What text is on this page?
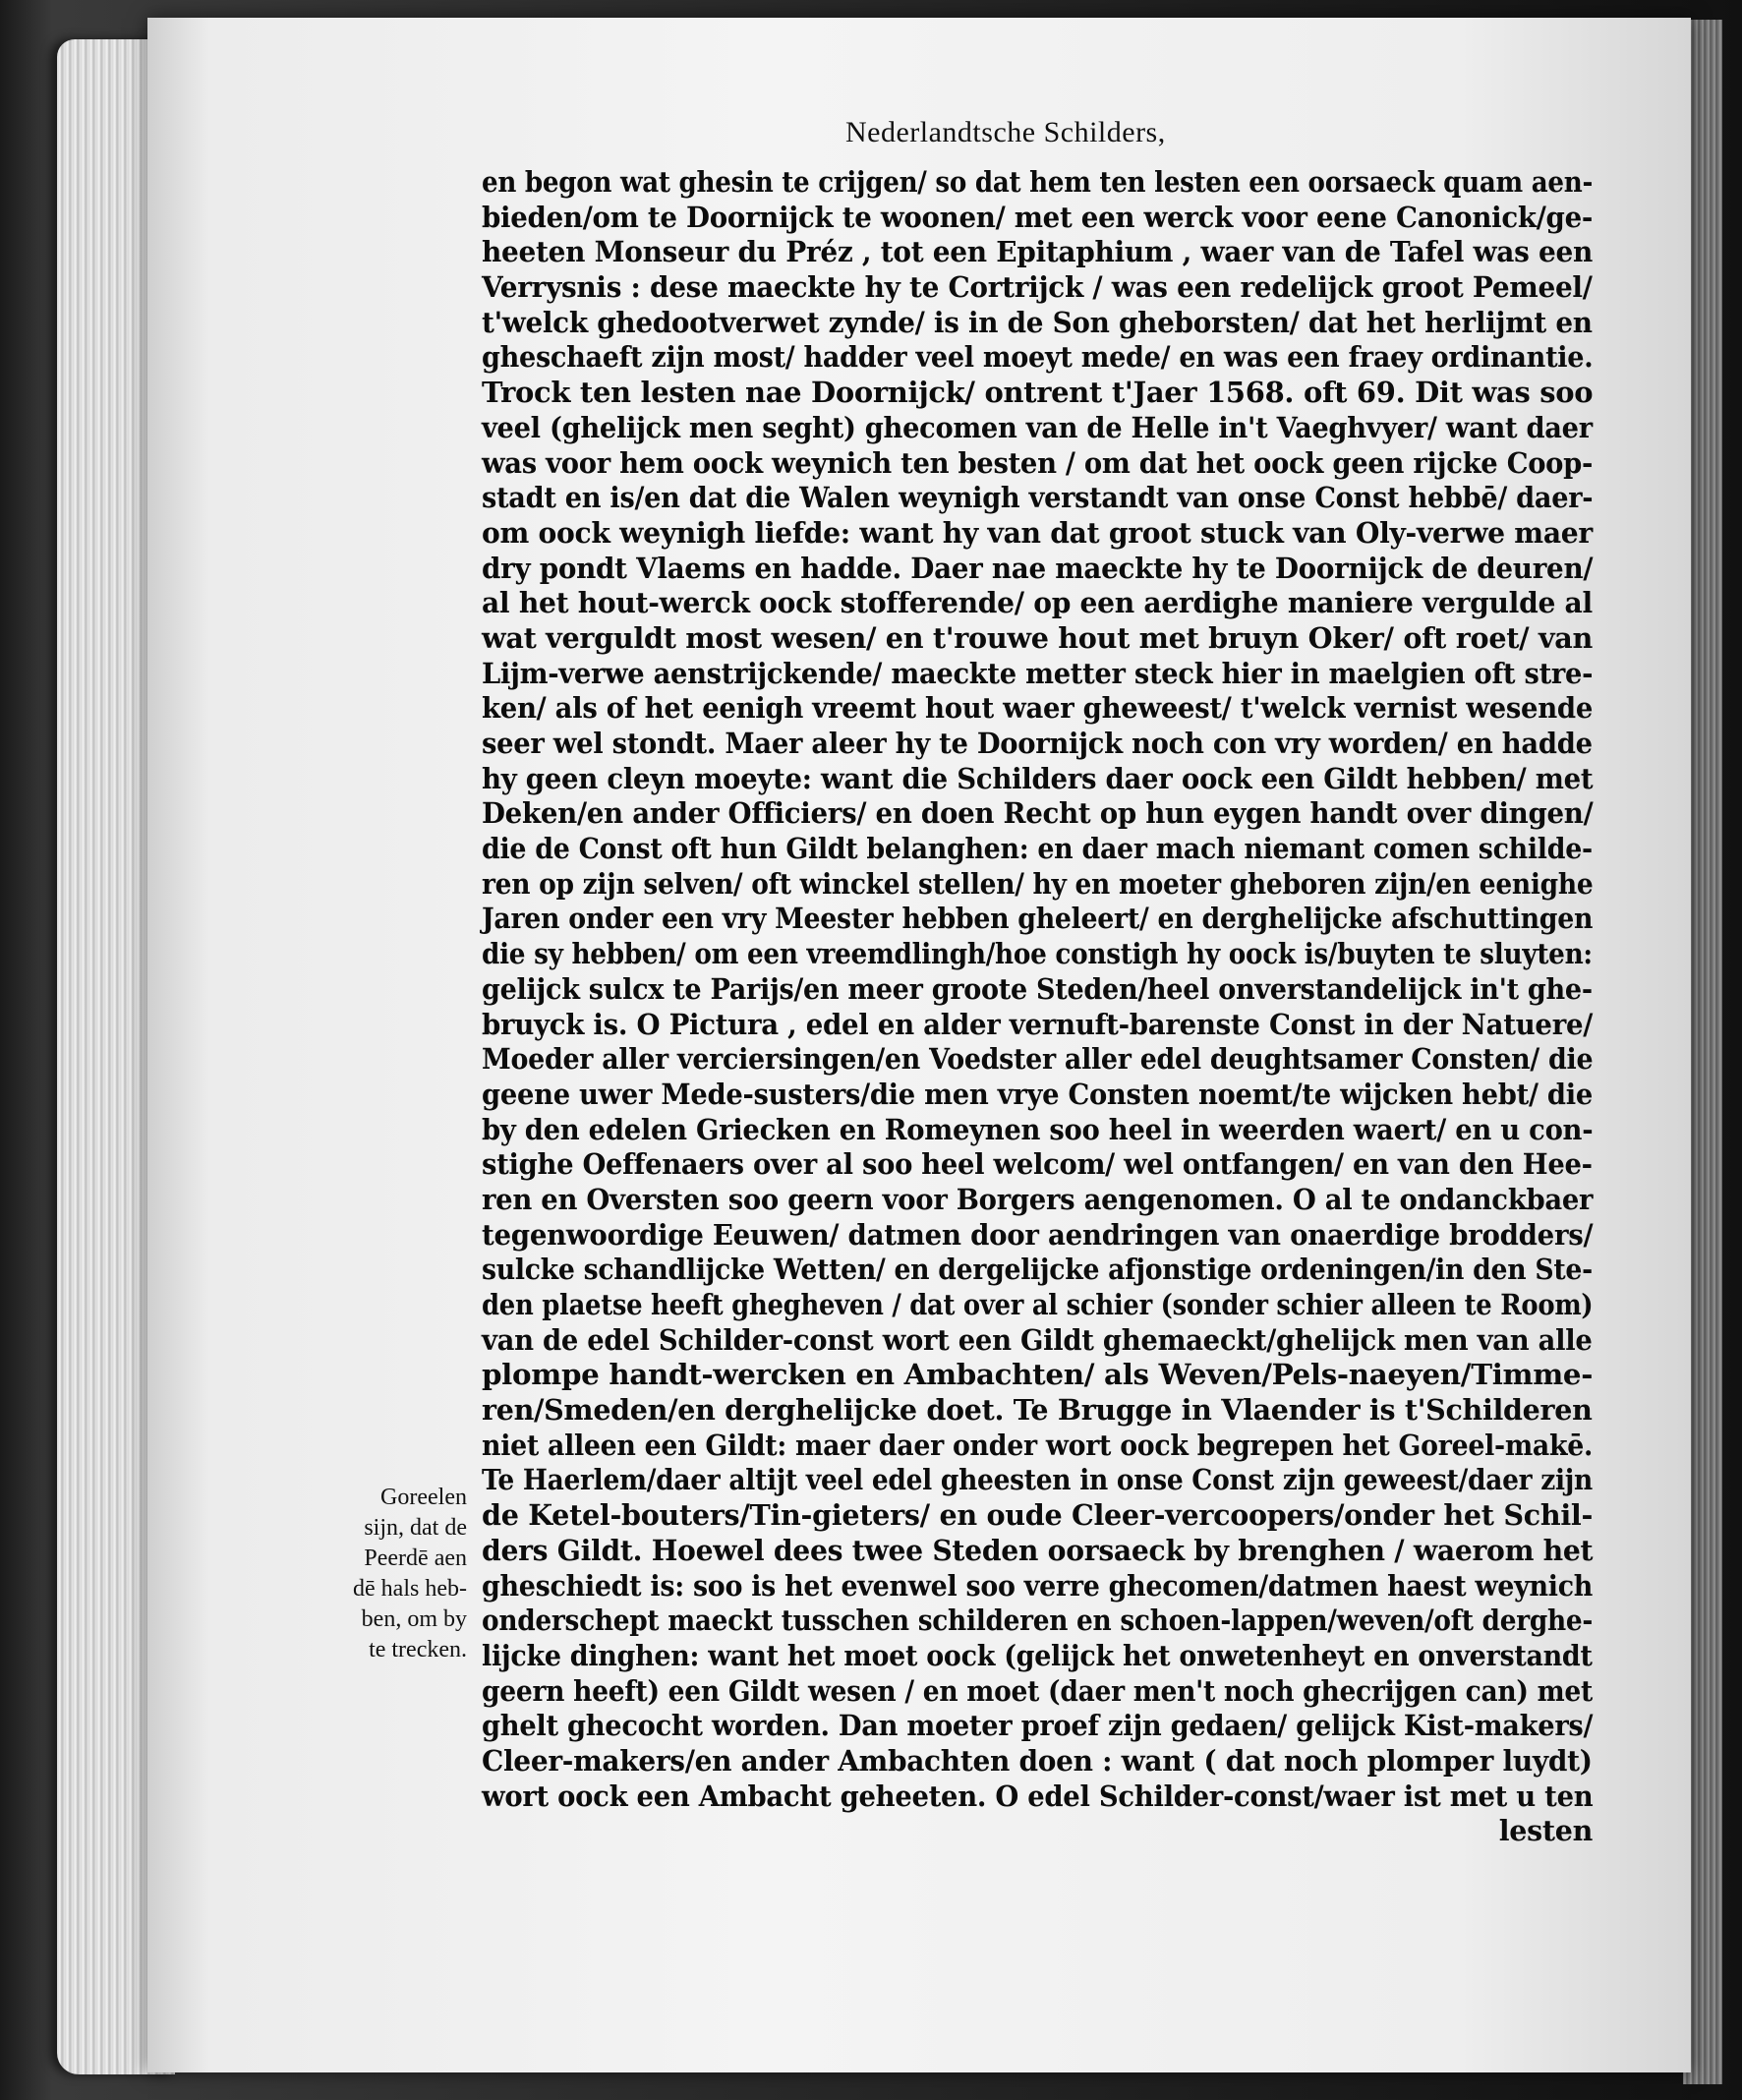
Nederlandtsche Schilders,
en begon wat ghesin te crijgen/ so dat hem ten lesten een oorsaeck quam aen-
bieden/om te Doornijck te woonen/ met een werck voor eene Canonick/ge-
heeten Monseur du Préz , tot een Epitaphium , waer van de Tafel was een
Verrysnis : dese maeckte hy te Cortrijck / was een redelijck groot Pemeel/
t'welck ghedootverwet zynde/ is in de Son gheborsten/ dat het herlijmt en
gheschaeft zijn most/ hadder veel moeyt mede/ en was een fraey ordinantie.
Trock ten lesten nae Doornijck/ ontrent t'Jaer 1568. oft 69. Dit was soo
veel (ghelijck men seght) ghecomen van de Helle in't Vaeghvyer/ want daer
was voor hem oock weynich ten besten / om dat het oock geen rijcke Coop-
stadt en is/en dat die Walen weynigh verstandt van onse Const hebbē/ daer-
om oock weynigh liefde: want hy van dat groot stuck van Oly-verwe maer
dry pondt Vlaems en hadde. Daer nae maeckte hy te Doornijck de deuren/
al het hout-werck oock stofferende/ op een aerdighe maniere vergulde al
wat verguldt most wesen/ en t'rouwe hout met bruyn Oker/ oft roet/ van
Lijm-verwe aenstrijckende/ maeckte metter steck hier in maelgien oft stre-
ken/ als of het eenigh vreemt hout waer gheweest/ t'welck vernist wesende
seer wel stondt. Maer aleer hy te Doornijck noch con vry worden/ en hadde
hy geen cleyn moeyte: want die Schilders daer oock een Gildt hebben/ met
Deken/en ander Officiers/ en doen Recht op hun eygen handt over dingen/
die de Const oft hun Gildt belanghen: en daer mach niemant comen schilde-
ren op zijn selven/ oft winckel stellen/ hy en moeter gheboren zijn/en eenighe
Jaren onder een vry Meester hebben gheleert/ en dergheliјcke afschuttingen
die sy hebben/ om een vreemdlingh/hoe constigh hy oock is/buyten te sluyten:
gelijck sulcx te Parijs/en meer groote Steden/heel onverstandelijck in't ghe-
bruyck is. O Pictura , edel en alder vernuft-barenste Const in der Natuere/
Moeder aller verciersingen/en Voedster aller edel deughtsamer Consten/ die
geene uwer Mede-susters/die men vrye Consten noemt/te wijcken hebt/ die
by den edelen Griecken en Romeynen soo heel in weerden waert/ en u con-
stighe Oeffenaers over al soo heel welcom/ wel ontfangen/ en van den Hee-
ren en Oversten soo geern voor Borgers aengenomen. O al te ondanckbaer
tegenwoordige Eeuwen/ datmen door aendringen van onaerdige brodders/
sulcke schandlijcke Wetten/ en dergelijcke afjonstige ordeningen/in den Ste-
den plaetse heeft ghegheven / dat over al schier (sonder schier alleen te Room)
van de edel Schilder-const wort een Gildt ghemaeckt/ghelijck men van alle
plompe handt-wercken en Ambachten/ als Weven/Pels-naeyen/Timme-
ren/Smeden/en dergheliјcke doet. Te Brugge in Vlaender is t'Schilderen
niet alleen een Gildt: maer daer onder wort oock begrepen het Goreel-makē.
Te Haerlem/daer altijt veel edel gheesten in onse Const zijn geweest/daer zijn
de Ketel-bouters/Tin-gieters/ en oude Cleer-vercoopers/onder het Schil-
ders Gildt. Hoewel dees twee Steden oorsaeck by brenghen / waerom het
gheschiedt is: soo is het evenwel soo verre ghecomen/datmen haest weynich
onderschept maeckt tusschen schilderen en schoen-lappen/weven/oft derghe-
lijcke dinghen: want het moet oock (gelijck het onwetenheyt en onverstandt
geern heeft) een Gildt wesen / en moet (daer men't noch ghecrijgen can) met
ghelt ghecocht worden. Dan moeter proef zijn gedaen/ gelijck Kist-makers/
Cleer-makers/en ander Ambachten doen : want ( dat noch plomper luydt)
wort oock een Ambacht geheeten. O edel Schilder-const/waer ist met u ten
lesten
Goreelen
sijn, dat de
Peerdē aen
dē hals heb-
ben, om by
te trecken.
